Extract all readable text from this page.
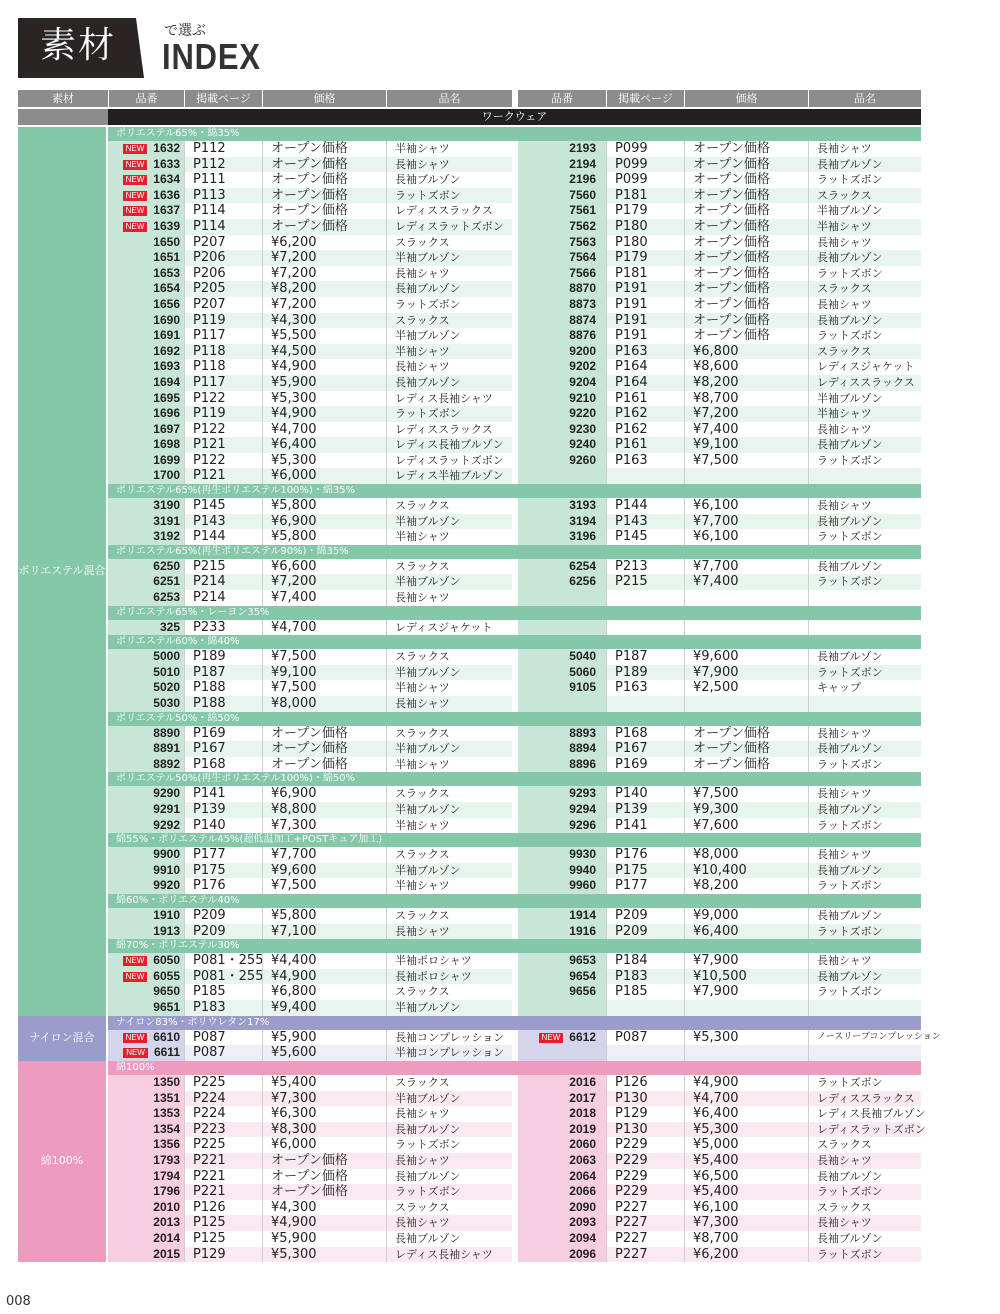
素材	で選ぶ
INDEX
素材	品番	掲載ページ	価格	品名	品番	掲載ページ	価格	品名
ワークウェア
ポリエステル65%・綿35%
NEW 1632	P112	オープン価格	半袖シャツ	2193	P099	オープン価格	長袖シャツ
NEW 1633	P112	オープン価格	長袖シャツ	2194	P099	オープン価格	長袖ブルゾン
NEW 1634	P111	オープン価格	長袖ブルゾン	2196	P099	オープン価格	ラットズボン
NEW 1636	P113	オープン価格	ラットズボン	7560	P181	オープン価格	スラックス
NEW 1637	P114	オープン価格	レディススラックス	7561	P179	オープン価格	半袖ブルゾン
NEW 1639	P114	オープン価格	レディスラットズボン	7562	P180	オープン価格	半袖シャツ
1650	P207	¥6,200	スラックス	7563	P180	オープン価格	長袖シャツ
1651	P206	¥7,200	半袖ブルゾン	7564	P179	オープン価格	長袖ブルゾン
1653	P206	¥7,200	長袖シャツ	7566	P181	オープン価格	ラットズボン
1654	P205	¥8,200	長袖ブルゾン	8870	P191	オープン価格	スラックス
1656	P207	¥7,200	ラットズボン	8873	P191	オープン価格	長袖シャツ
1690	P119	¥4,300	スラックス	8874	P191	オープン価格	長袖ブルゾン
1691	P117	¥5,500	半袖ブルゾン	8876	P191	オープン価格	ラットズボン
1692	P118	¥4,500	半袖シャツ	9200	P163	¥6,800	スラックス
1693	P118	¥4,900	長袖シャツ	9202	P164	¥8,600	レディスジャケット
1694	P117	¥5,900	長袖ブルゾン	9204	P164	¥8,200	レディススラックス
1695	P122	¥5,300	レディス長袖シャツ	9210	P161	¥8,700	半袖ブルゾン
1696	P119	¥4,900	ラットズボン	9220	P162	¥7,200	半袖シャツ
1697	P122	¥4,700	レディススラックス	9230	P162	¥7,400	長袖シャツ
1698	P121	¥6,400	レディス長袖ブルゾン	9240	P161	¥9,100	長袖ブルゾン
1699	P122	¥5,300	レディスラットズボン	9260	P163	¥7,500	ラットズボン
1700	P121	¥6,000	レディス半袖ブルゾン
ポリエステル65%(再生ポリエステル100%)・綿35%
3190	P145	¥5,800	スラックス	3193	P144	¥6,100	長袖シャツ
3191	P143	¥6,900	半袖ブルゾン	3194	P143	¥7,700	長袖ブルゾン
3192	P144	¥5,800	半袖シャツ	3196	P145	¥6,100	ラットズボン
ポリエステル65%(再生ポリエステル90%)・綿35%
6250	P215	¥6,600	スラックス	6254	P213	¥7,700	長袖ブルゾン
6251	P214	¥7,200	半袖ブルゾン	6256	P215	¥7,400	ラットズボン
6253	P214	¥7,400	長袖シャツ
ポリエステル65%・レーヨン35%
325	P233	¥4,700	レディスジャケット
ポリエステル60%・綿40%
5000	P189	¥7,500	スラックス	5040	P187	¥9,600	長袖ブルゾン
5010	P187	¥9,100	半袖ブルゾン	5060	P189	¥7,900	ラットズボン
5020	P188	¥7,500	半袖シャツ	9105	P163	¥2,500	キャップ
5030	P188	¥8,000	長袖シャツ
ポリエステル50%・綿50%
8890	P169	オープン価格	スラックス	8893	P168	オープン価格	長袖シャツ
8891	P167	オープン価格	半袖ブルゾン	8894	P167	オープン価格	長袖ブルゾン
8892	P168	オープン価格	半袖シャツ	8896	P169	オープン価格	ラットズボン
ポリエステル50%(再生ポリエステル100%)・綿50%
9290	P141	¥6,900	スラックス	9293	P140	¥7,500	長袖シャツ
9291	P139	¥8,800	半袖ブルゾン	9294	P139	¥9,300	長袖ブルゾン
9292	P140	¥7,300	半袖シャツ	9296	P141	¥7,600	ラットズボン
綿55%・ポリエステル45%(超低温加工+POSTキュア加工)
9900	P177	¥7,700	スラックス	9930	P176	¥8,000	長袖シャツ
9910	P175	¥9,600	半袖ブルゾン	9940	P175	¥10,400	長袖ブルゾン
9920	P176	¥7,500	半袖シャツ	9960	P177	¥8,200	ラットズボン
綿60%・ポリエステル40%
1910	P209	¥5,800	スラックス	1914	P209	¥9,000	長袖ブルゾン
1913	P209	¥7,100	長袖シャツ	1916	P209	¥6,400	ラットズボン
綿70%・ポリエステル30%
NEW 6050	P081・255 ¥4,400	半袖ポロシャツ	9653	P184	¥7,900	長袖シャツ
NEW 6055	P081・255 ¥4,900	長袖ポロシャツ	9654	P183	¥10,500	長袖ブルゾン
9650	P185	¥6,800	スラックス	9656	P185	¥7,900	ラットズボン
9651	P183	¥9,400	半袖ブルゾン
ポリエステル混合
ナイロン83%・ポリウレタン17%
NEW 6610	P087	¥5,900	長袖コンプレッション	NEW 6612	P087	¥5,300	ノースリーブコンプレッション
NEW 6611	P087	¥5,600	半袖コンプレッション
ナイロン混合
綿100%
1350	P225	¥5,400	スラックス	2016	P126	¥4,900	ラットズボン
1351	P224	¥7,300	半袖ブルゾン	2017	P130	¥4,700	レディススラックス
1353	P224	¥6,300	長袖シャツ	2018	P129	¥6,400	レディス長袖ブルゾン
1354	P223	¥8,300	長袖ブルゾン	2019	P130	¥5,300	レディスラットズボン
1356	P225	¥6,000	ラットズボン	2060	P229	¥5,000	スラックス
1793	P221	オープン価格	長袖シャツ	2063	P229	¥5,400	長袖シャツ
1794	P221	オープン価格	長袖ブルゾン	2064	P229	¥6,500	長袖ブルゾン
1796	P221	オープン価格	ラットズボン	2066	P229	¥5,400	ラットズボン
2010	P126	¥4,300	スラックス	2090	P227	¥6,100	スラックス
2013	P125	¥4,900	長袖シャツ	2093	P227	¥7,300	長袖シャツ
2014	P125	¥5,900	長袖ブルゾン	2094	P227	¥8,700	長袖ブルゾン
2015	P129	¥5,300	レディス長袖シャツ	2096	P227	¥6,200	ラットズボン
綿100%
008
